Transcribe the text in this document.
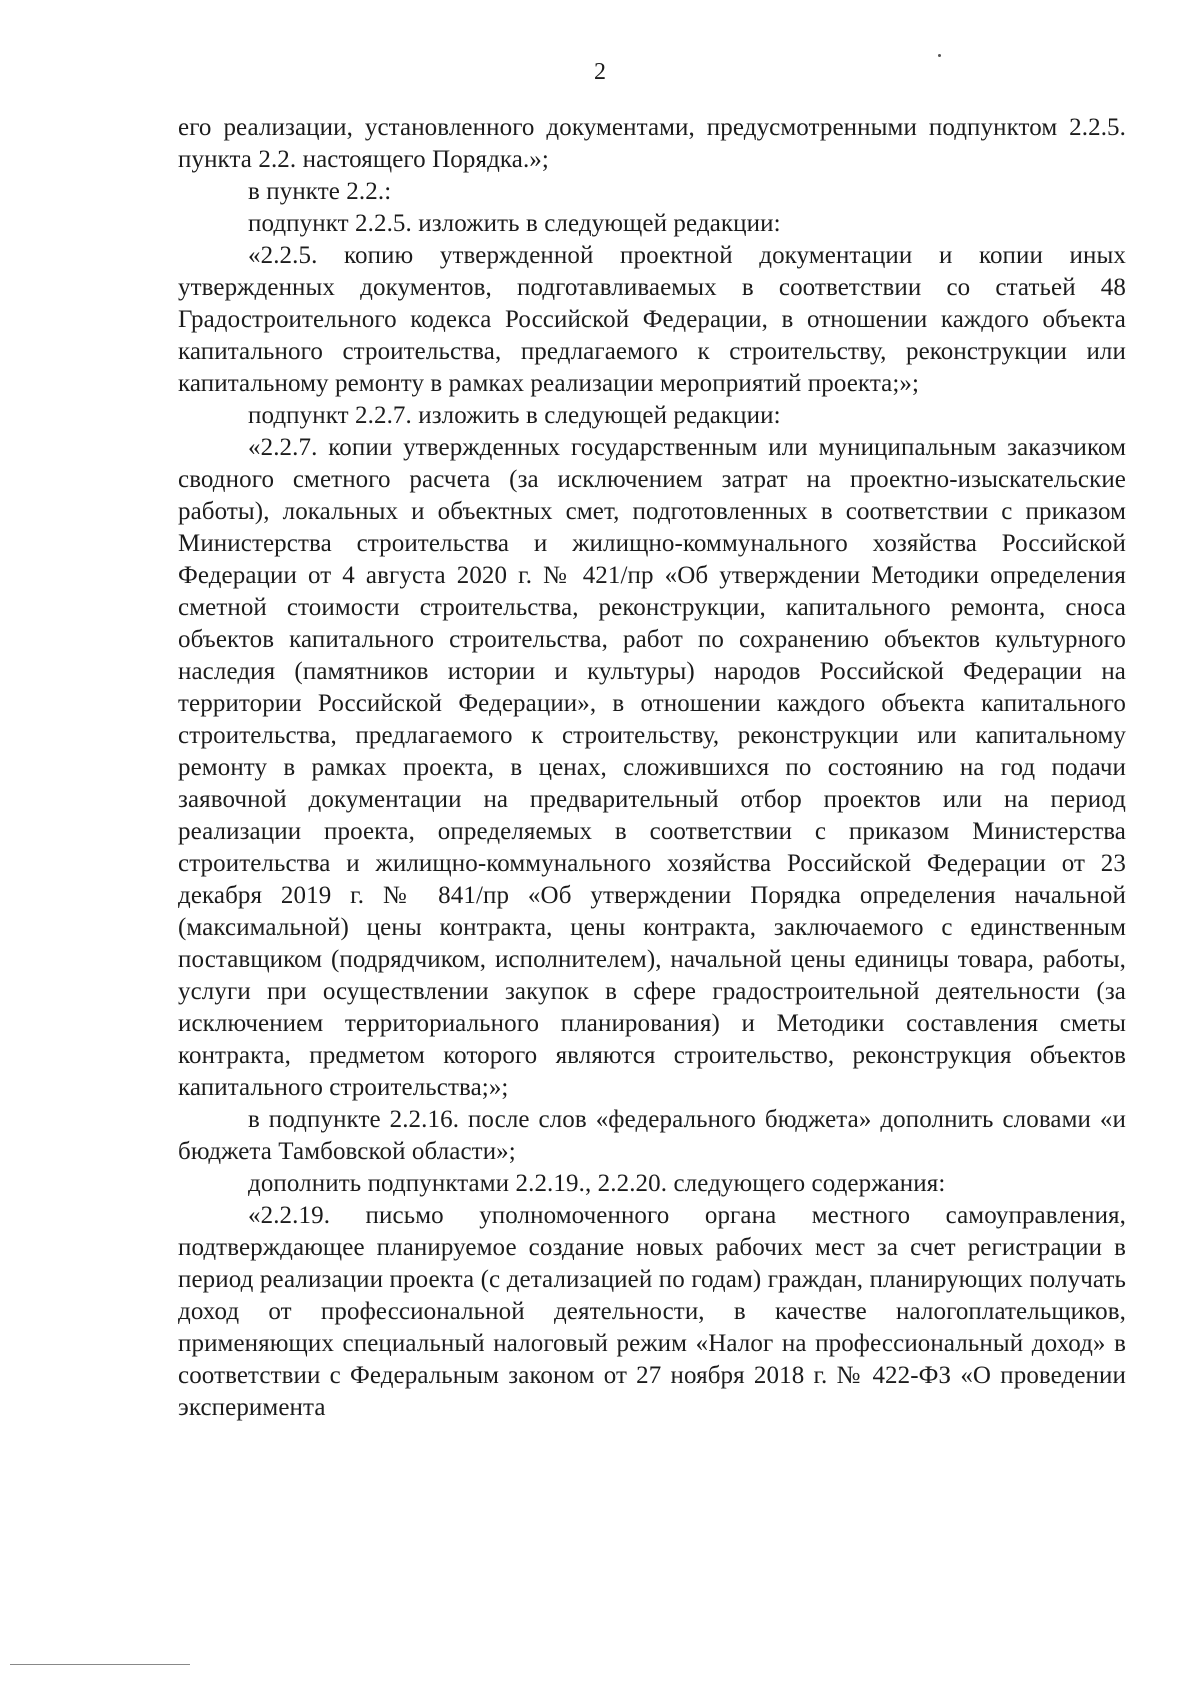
2

его реализации, установленного документами, предусмотренными подпунктом 2.2.5. пункта 2.2. настоящего Порядка.»;

в пункте 2.2.:

подпункт 2.2.5. изложить в следующей редакции:

«2.2.5. копию утвержденной проектной документации и копии иных утвержденных документов, подготавливаемых в соответствии со статьей 48 Градостроительного кодекса Российской Федерации, в отношении каждого объекта капитального строительства, предлагаемого к строительству, реконструкции или капитальному ремонту в рамках реализации мероприятий проекта;»;

подпункт 2.2.7. изложить в следующей редакции:

«2.2.7. копии утвержденных государственным или муниципальным заказчиком сводного сметного расчета (за исключением затрат на проектно-изыскательские работы), локальных и объектных смет, подготовленных в соответствии с приказом Министерства строительства и жилищно-коммунального хозяйства Российской Федерации от 4 августа 2020 г. № 421/пр «Об утверждении Методики определения сметной стоимости строительства, реконструкции, капитального ремонта, сноса объектов капитального строительства, работ по сохранению объектов культурного наследия (памятников истории и культуры) народов Российской Федерации на территории Российской Федерации», в отношении каждого объекта капитального строительства, предлагаемого к строительству, реконструкции или капитальному ремонту в рамках проекта, в ценах, сложившихся по состоянию на год подачи заявочной документации на предварительный отбор проектов или на период реализации проекта, определяемых в соответствии с приказом Министерства строительства и жилищно-коммунального хозяйства Российской Федерации от 23 декабря 2019 г. № 841/пр «Об утверждении Порядка определения начальной (максимальной) цены контракта, цены контракта, заключаемого с единственным поставщиком (подрядчиком, исполнителем), начальной цены единицы товара, работы, услуги при осуществлении закупок в сфере градостроительной деятельности (за исключением территориального планирования) и Методики составления сметы контракта, предметом которого являются строительство, реконструкция объектов капитального строительства;»;

в подпункте 2.2.16. после слов «федерального бюджета» дополнить словами «и бюджета Тамбовской области»;

дополнить подпунктами 2.2.19., 2.2.20. следующего содержания:

«2.2.19. письмо уполномоченного органа местного самоуправления, подтверждающее планируемое создание новых рабочих мест за счет регистрации в период реализации проекта (с детализацией по годам) граждан, планирующих получать доход от профессиональной деятельности, в качестве налогоплательщиков, применяющих специальный налоговый режим «Налог на профессиональный доход» в соответствии с Федеральным законом от 27 ноября 2018 г. № 422-ФЗ «О проведении эксперимента
